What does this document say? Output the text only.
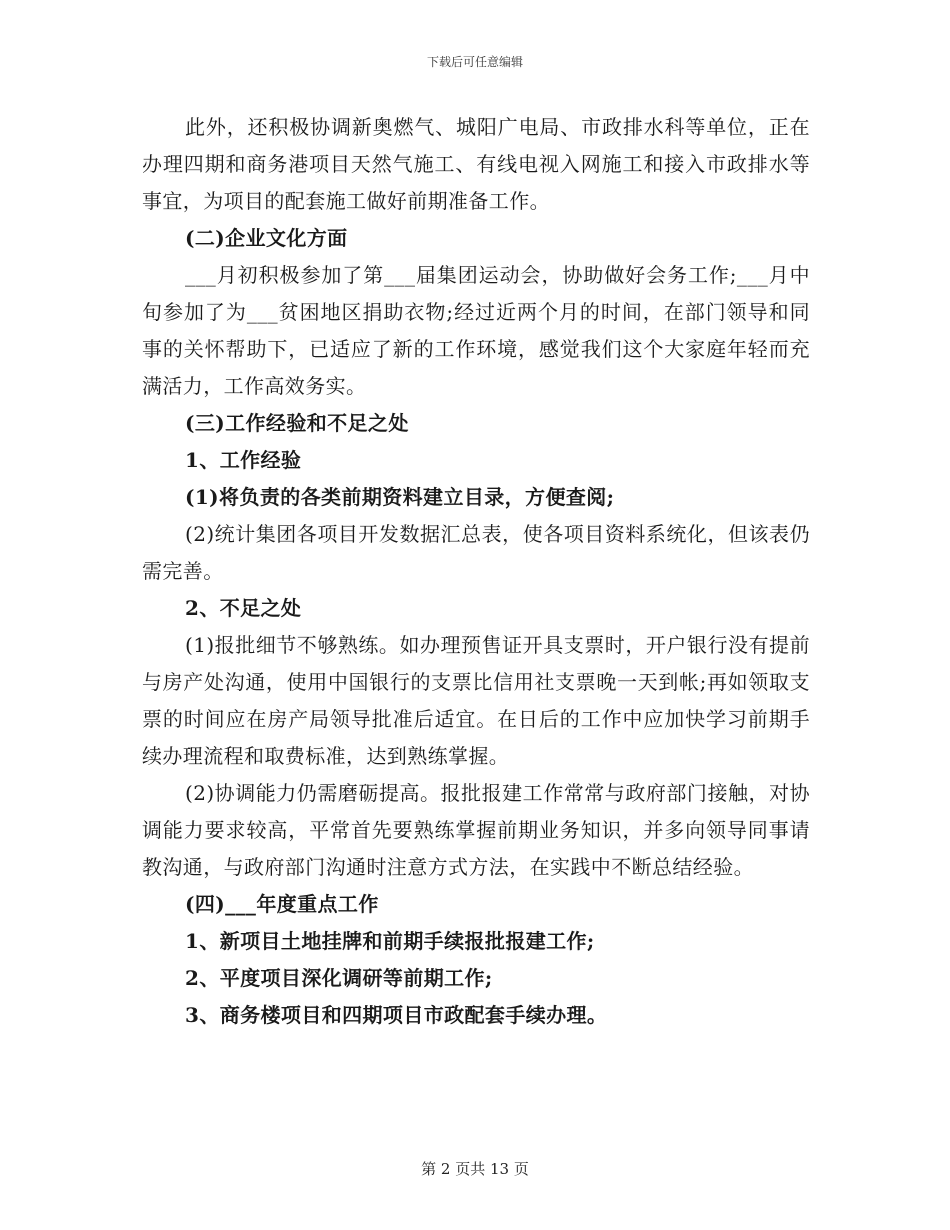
下载后可任意编辑

此外，还积极协调新奥燃气、城阳广电局、市政排水科等单位，正在办理四期和商务港项目天然气施工、有线电视入网施工和接入市政排水等事宜，为项目的配套施工做好前期准备工作。

(二)企业文化方面

___月初积极参加了第___届集团运动会，协助做好会务工作;___月中旬参加了为___贫困地区捐助衣物;经过近两个月的时间，在部门领导和同事的关怀帮助下，已适应了新的工作环境，感觉我们这个大家庭年轻而充满活力，工作高效务实。

(三)工作经验和不足之处

1、工作经验

(1)将负责的各类前期资料建立目录，方便查阅;

(2)统计集团各项目开发数据汇总表，使各项目资料系统化，但该表仍需完善。

2、不足之处

(1)报批细节不够熟练。如办理预售证开具支票时，开户银行没有提前与房产处沟通，使用中国银行的支票比信用社支票晚一天到帐;再如领取支票的时间应在房产局领导批准后适宜。在日后的工作中应加快学习前期手续办理流程和取费标准，达到熟练掌握。

(2)协调能力仍需磨砺提高。报批报建工作常常与政府部门接触，对协调能力要求较高，平常首先要熟练掌握前期业务知识，并多向领导同事请教沟通，与政府部门沟通时注意方式方法，在实践中不断总结经验。

(四)___年度重点工作

1、新项目土地挂牌和前期手续报批报建工作;

2、平度项目深化调研等前期工作;

3、商务楼项目和四期项目市政配套手续办理。

第 2 页共 13 页
